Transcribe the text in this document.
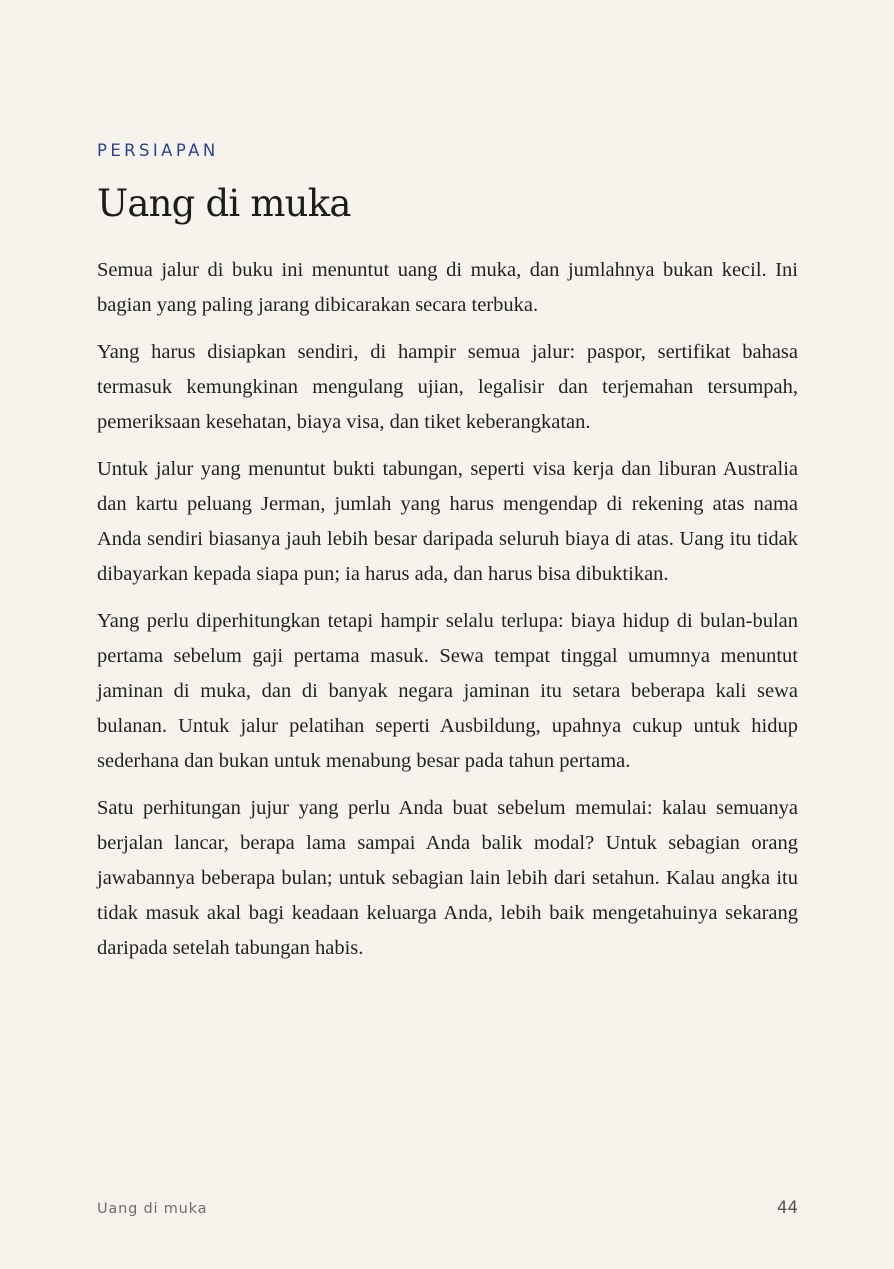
PERSIAPAN
Uang di muka

Semua jalur di buku ini menuntut uang di muka, dan jumlahnya bukan kecil. Ini bagian yang paling jarang dibicarakan secara terbuka.

Yang harus disiapkan sendiri, di hampir semua jalur: paspor, sertifikat bahasa termasuk kemungkinan mengulang ujian, legalisir dan terjemahan tersumpah, pemeriksaan kesehatan, biaya visa, dan tiket keberangkatan.

Untuk jalur yang menuntut bukti tabungan, seperti visa kerja dan liburan Australia dan kartu peluang Jerman, jumlah yang harus mengendap di rekening atas nama Anda sendiri biasanya jauh lebih besar daripada seluruh biaya di atas. Uang itu tidak dibayarkan kepada siapa pun; ia harus ada, dan harus bisa dibuktikan.

Yang perlu diperhitungkan tetapi hampir selalu terlupa: biaya hidup di bulan-bulan pertama sebelum gaji pertama masuk. Sewa tempat tinggal umumnya menuntut jaminan di muka, dan di banyak negara jaminan itu setara beberapa kali sewa bulanan. Untuk jalur pelatihan seperti Ausbildung, upahnya cukup untuk hidup sederhana dan bukan untuk menabung besar pada tahun pertama.

Satu perhitungan jujur yang perlu Anda buat sebelum memulai: kalau semuanya berjalan lancar, berapa lama sampai Anda balik modal? Untuk sebagian orang jawabannya beberapa bulan; untuk sebagian lain lebih dari setahun. Kalau angka itu tidak masuk akal bagi keadaan keluarga Anda, lebih baik mengetahuinya sekarang daripada setelah tabungan habis.

Uang di muka	44
